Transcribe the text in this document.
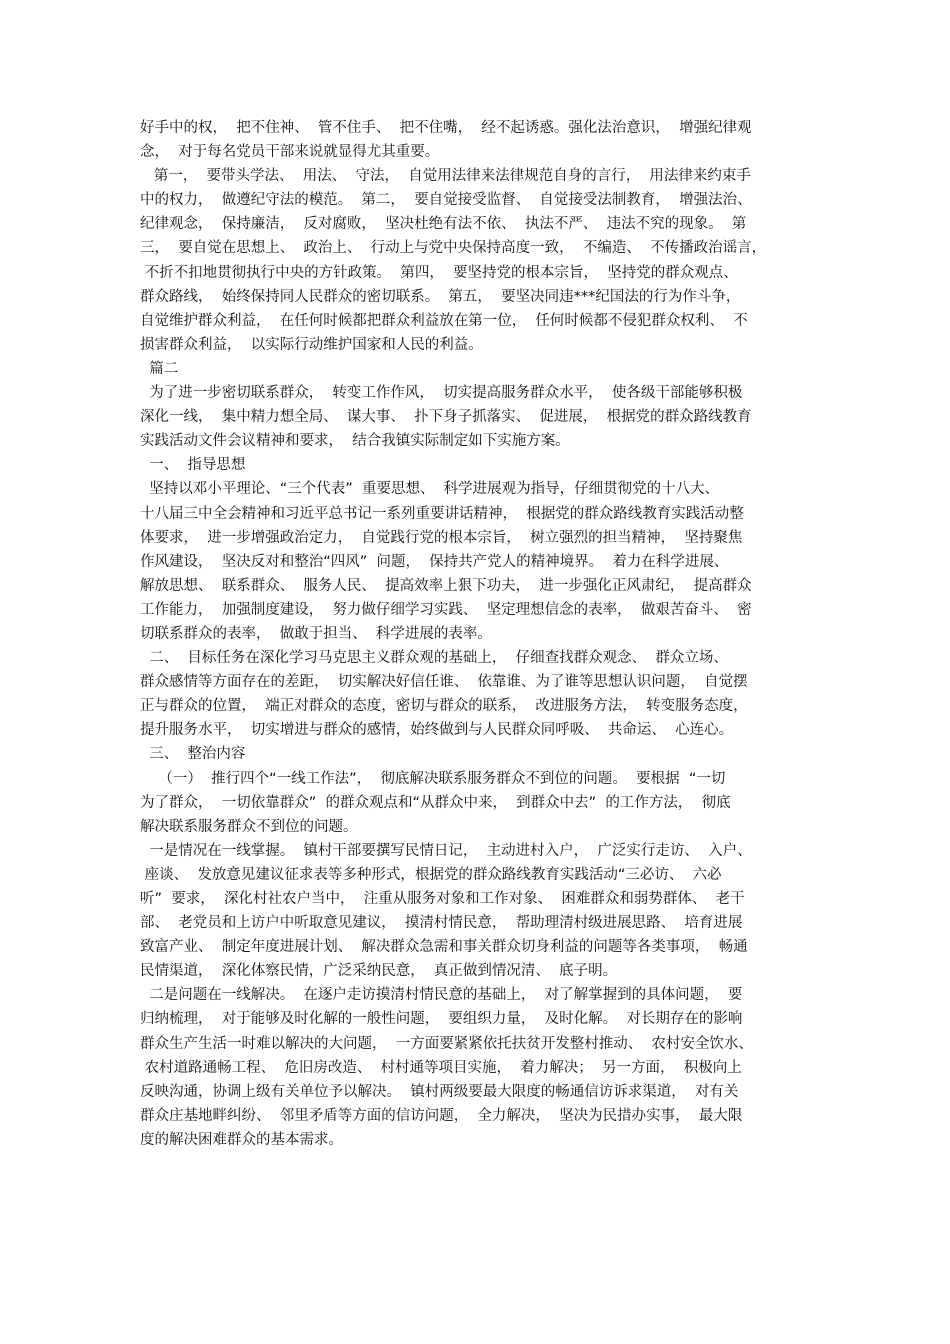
好手中的权，  把不住神、  管不住手、  把不住嘴，  经不起诱惑。强化法治意识，  增强纪律观
念，  对于每名党员干部来说就显得尤其重要。
第一，  要带头学法、  用法、  守法，  自觉用法律来法律规范自身的言行，  用法律来约束手
中的权力，  做遵纪守法的模范。  第二，  要自觉接受监督、  自觉接受法制教育，  增强法治、
纪律观念，  保持廉洁，  反对腐败，  坚决杜绝有法不依、  执法不严、  违法不究的现象。  第
三，  要自觉在思想上、  政治上、  行动上与党中央保持高度一致，  不编造、  不传播政治谣言，
不折不扣地贯彻执行中央的方针政策。  第四，  要坚持党的根本宗旨，  坚持党的群众观点、
群众路线，  始终保持同人民群众的密切联系。  第五，  要坚决同违***纪国法的行为作斗争，
自觉维护群众利益，  在任何时候都把群众利益放在第一位，  任何时候都不侵犯群众权利、  不
损害群众利益，  以实际行动维护国家和人民的利益。
篇二
为了进一步密切联系群众，  转变工作作风，  切实提高服务群众水平，  使各级干部能够积极
深化一线，  集中精力想全局、  谋大事、  扑下身子抓落实、  促进展，  根据党的群众路线教育
实践活动文件会议精神和要求，  结合我镇实际制定如下实施方案。
一、  指导思想
坚持以邓小平理论、“三个代表”  重要思想、  科学进展观为指导，仔细贯彻党的十八大、
十八届三中全会精神和习近平总书记一系列重要讲话精神，  根据党的群众路线教育实践活动整
体要求，  进一步增强政治定力，  自觉践行党的根本宗旨，  树立强烈的担当精神，  坚持聚焦
作风建设，  坚决反对和整治“四风”  问题，  保持共产党人的精神境界。  着力在科学进展、
解放思想、  联系群众、  服务人民、  提高效率上狠下功夫，  进一步强化正风肃纪，  提高群众
工作能力，  加强制度建设，  努力做仔细学习实践、  坚定理想信念的表率，  做艰苦奋斗、  密
切联系群众的表率，  做敢于担当、  科学进展的表率。
二、  目标任务在深化学习马克思主义群众观的基础上，  仔细查找群众观念、  群众立场、
群众感情等方面存在的差距，  切实解决好信任谁、  依靠谁、为了谁等思想认识问题，  自觉摆
正与群众的位置，  端正对群众的态度，密切与群众的联系，  改进服务方法，  转变服务态度，
提升服务水平，  切实增进与群众的感情，始终做到与人民群众同呼吸、  共命运、  心连心。
三、  整治内容
（一）  推行四个“一线工作法”，  彻底解决联系服务群众不到位的问题。  要根据  “一切
为了群众，  一切依靠群众”  的群众观点和“从群众中来，  到群众中去”  的工作方法，  彻底
解决联系服务群众不到位的问题。
一是情况在一线掌握。  镇村干部要撰写民情日记，  主动进村入户，  广泛实行走访、  入户、
座谈、  发放意见建议征求表等多种形式，根据党的群众路线教育实践活动“三必访、  六必
听”  要求，  深化村社农户当中，  注重从服务对象和工作对象、  困难群众和弱势群体、  老干
部、  老党员和上访户中听取意见建议，  摸清村情民意，  帮助理清村级进展思路、  培育进展
致富产业、  制定年度进展计划、  解决群众急需和事关群众切身利益的问题等各类事项，  畅通
民情渠道，  深化体察民情，广泛采纳民意，  真正做到情况清、  底子明。
二是问题在一线解决。  在逐户走访摸清村情民意的基础上，  对了解掌握到的具体问题，  要
归纳梳理，  对于能够及时化解的一般性问题，  要组织力量，  及时化解。  对长期存在的影响
群众生产生活一时难以解决的大问题，  一方面要紧紧依托扶贫开发整村推动、  农村安全饮水、
农村道路通畅工程、  危旧房改造、  村村通等项目实施，  着力解决；  另一方面，  积极向上
反映沟通，协调上级有关单位予以解决。  镇村两级要最大限度的畅通信访诉求渠道，  对有关
群众庄基地畔纠纷、  邻里矛盾等方面的信访问题，  全力解决，  坚决为民措办实事，  最大限
度的解决困难群众的基本需求。
